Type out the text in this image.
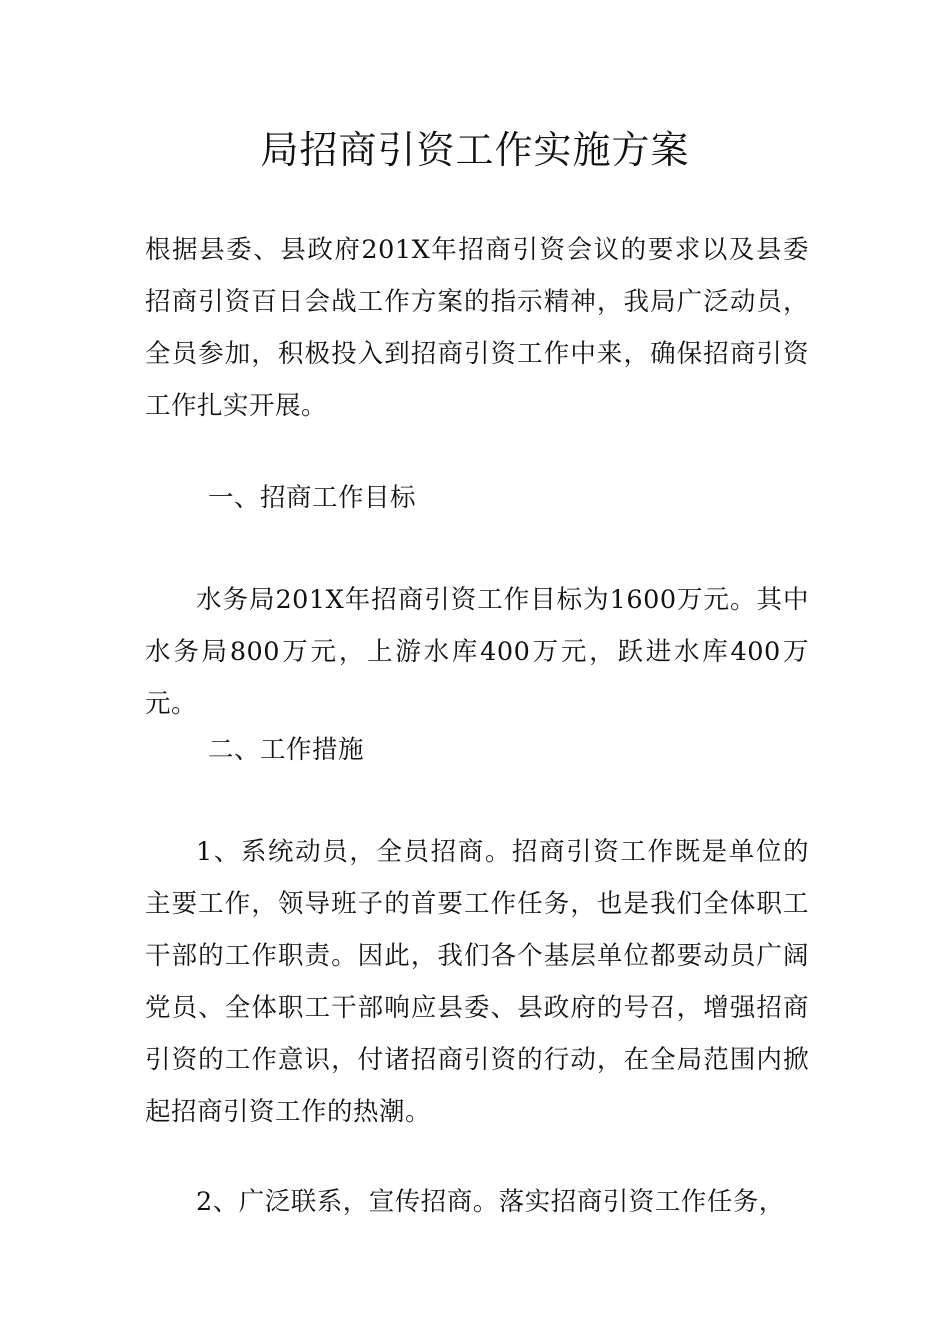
局招商引资工作实施方案

根据县委、县政府201X年招商引资会议的要求以及县委招商引资百日会战工作方案的指示精神，我局广泛动员，全员参加，积极投入到招商引资工作中来，确保招商引资工作扎实开展。

一、招商工作目标

水务局201X年招商引资工作目标为1600万元。其中水务局800万元，上游水库400万元，跃进水库400万元。

二、工作措施

1、系统动员，全员招商。招商引资工作既是单位的主要工作，领导班子的首要工作任务，也是我们全体职工干部的工作职责。因此，我们各个基层单位都要动员广阔党员、全体职工干部响应县委、县政府的号召，增强招商引资的工作意识，付诸招商引资的行动，在全局范围内掀起招商引资工作的热潮。

2、广泛联系，宣传招商。落实招商引资工作任务，
